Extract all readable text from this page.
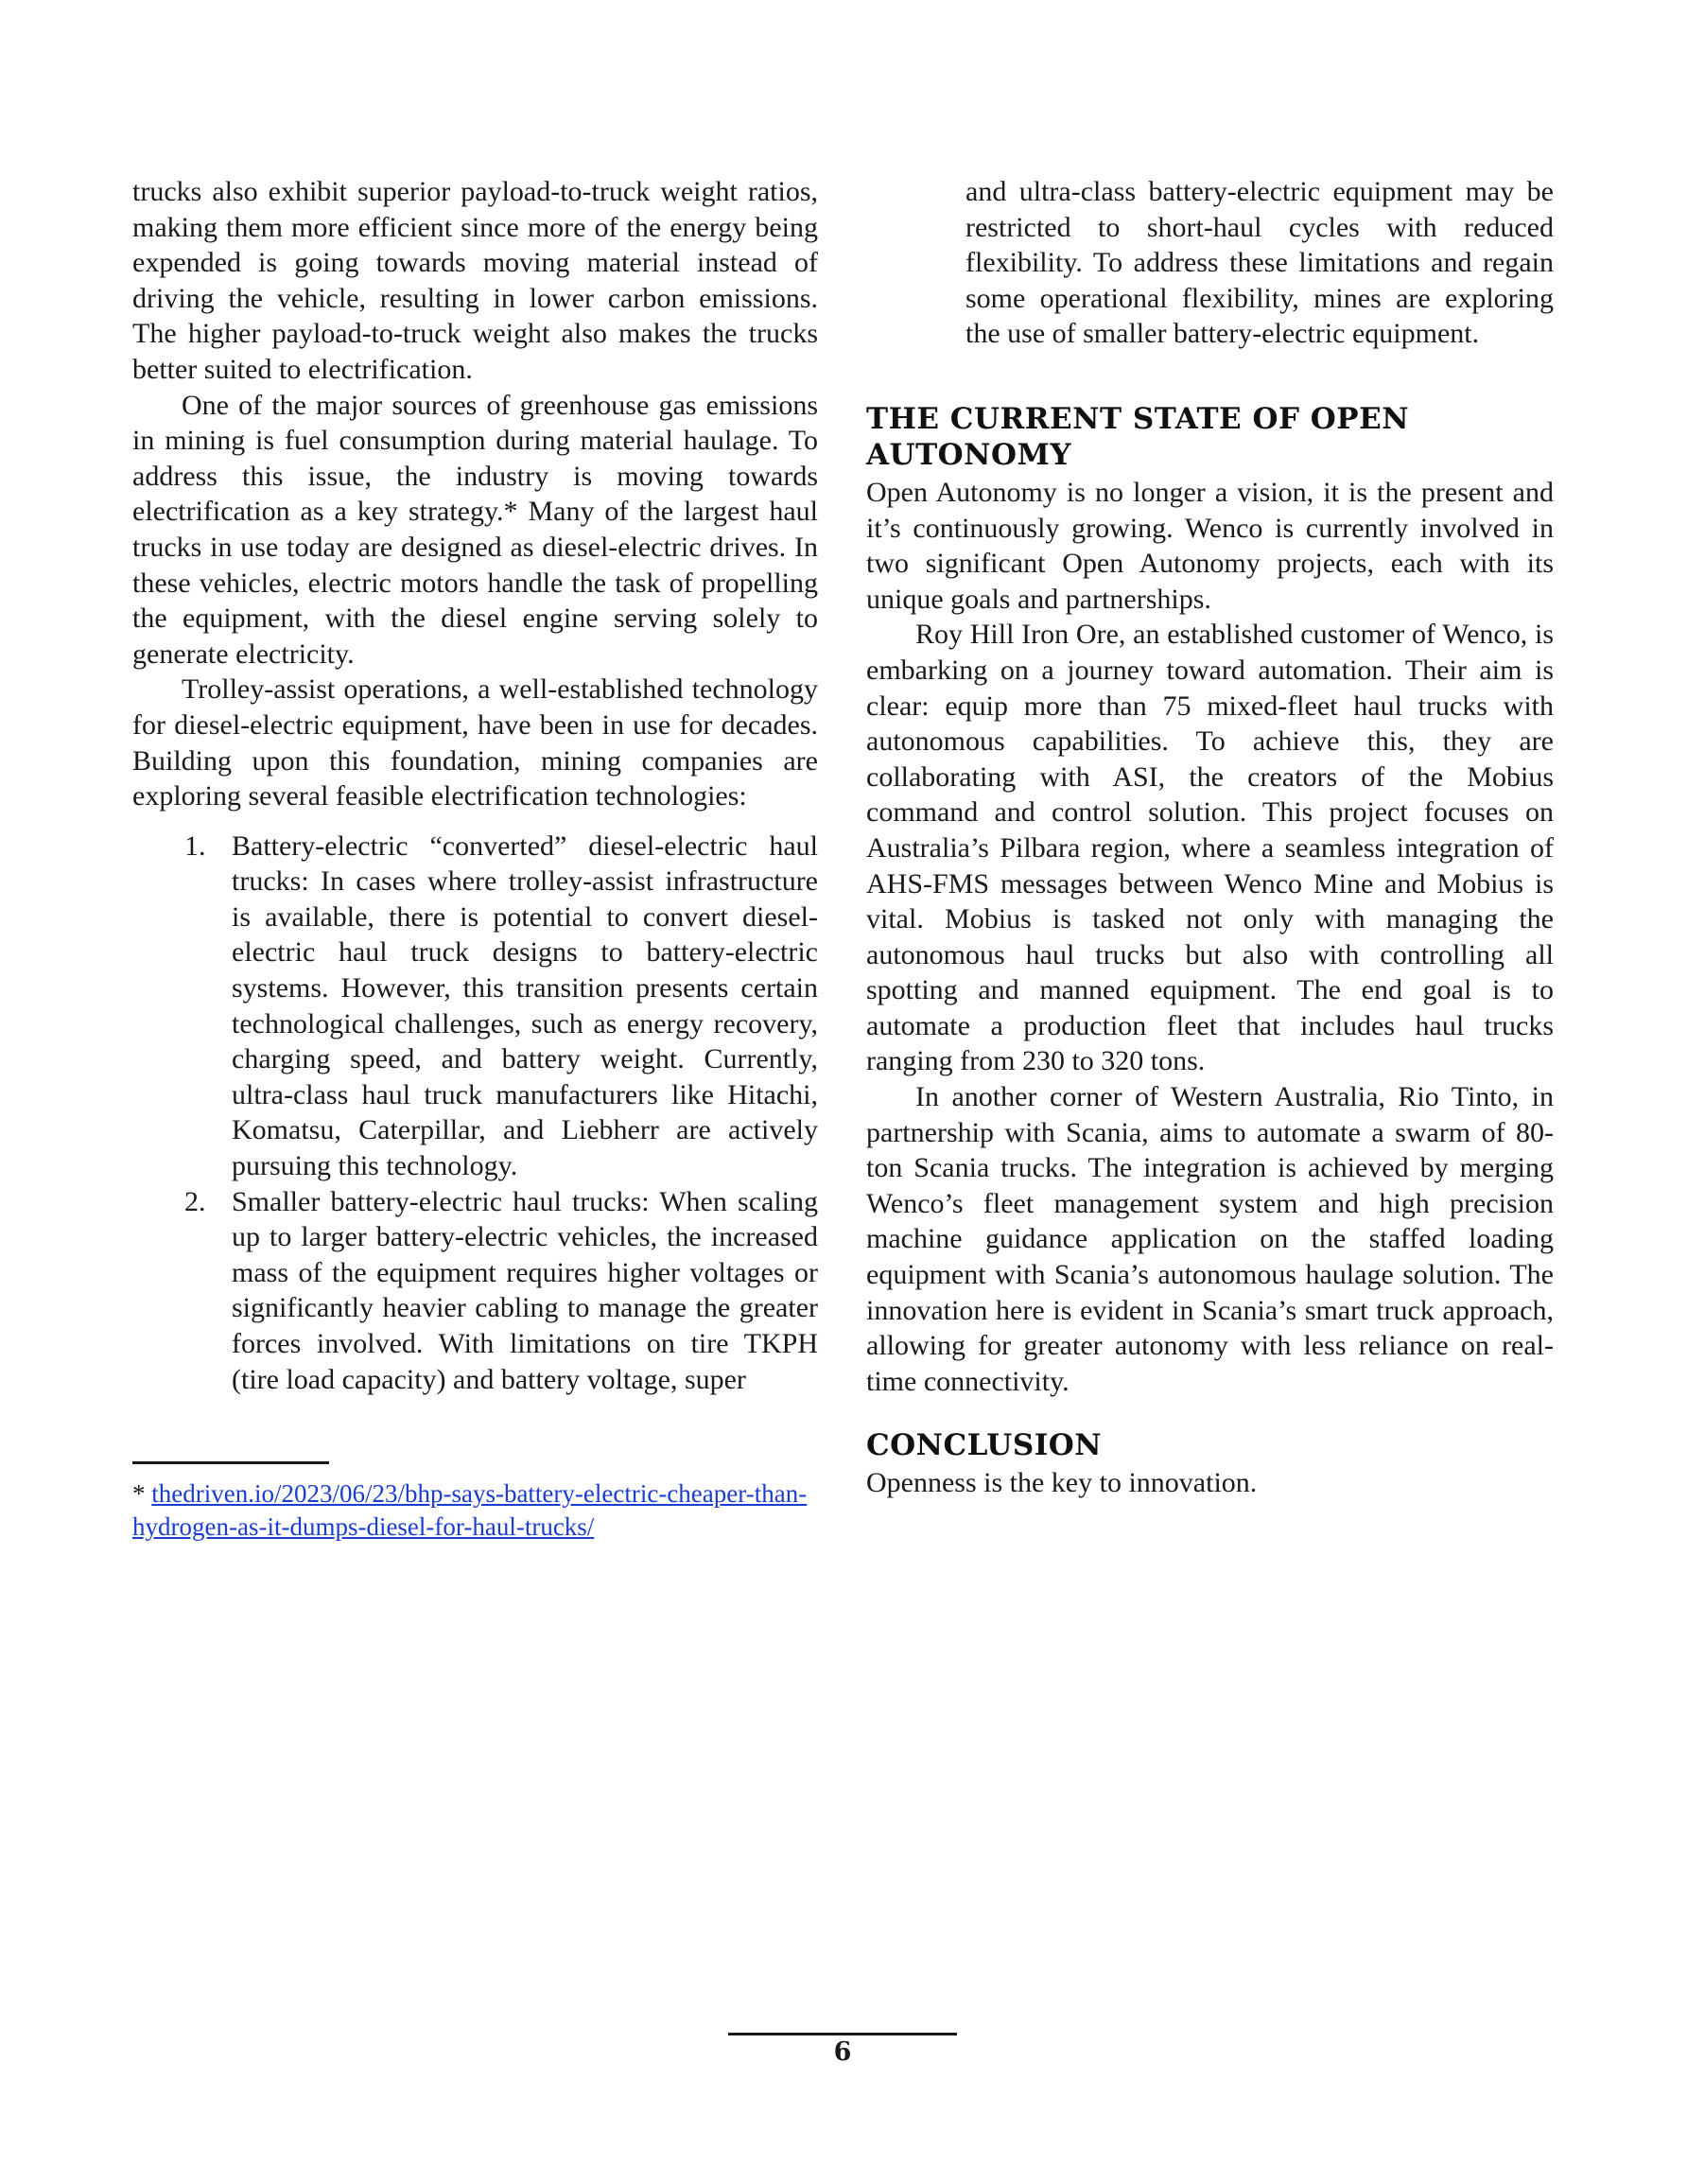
trucks also exhibit superior payload-to-truck weight ratios, making them more efficient since more of the energy being expended is going towards moving material instead of driving the vehicle, resulting in lower carbon emissions. The higher payload-to-truck weight also makes the trucks better suited to electrification.

One of the major sources of greenhouse gas emissions in mining is fuel consumption during material haulage. To address this issue, the industry is moving towards electrification as a key strategy.* Many of the largest haul trucks in use today are designed as diesel-electric drives. In these vehicles, electric motors handle the task of propelling the equipment, with the diesel engine serving solely to generate electricity.

Trolley-assist operations, a well-established technology for diesel-electric equipment, have been in use for decades. Building upon this foundation, mining companies are exploring several feasible electrification technologies:

1. Battery-electric “converted” diesel-electric haul trucks: In cases where trolley-assist infrastructure is available, there is potential to convert diesel-electric haul truck designs to battery-electric systems. However, this transition presents certain technological challenges, such as energy recovery, charging speed, and battery weight. Currently, ultra-class haul truck manufacturers like Hitachi, Komatsu, Caterpillar, and Liebherr are actively pursuing this technology.
2. Smaller battery-electric haul trucks: When scaling up to larger battery-electric vehicles, the increased mass of the equipment requires higher voltages or significantly heavier cabling to manage the greater forces involved. With limitations on tire TKPH (tire load capacity) and battery voltage, super

and ultra-class battery-electric equipment may be restricted to short-haul cycles with reduced flexibility. To address these limitations and regain some operational flexibility, mines are exploring the use of smaller battery-electric equipment.

THE CURRENT STATE OF OPEN AUTONOMY

Open Autonomy is no longer a vision, it is the present and it’s continuously growing. Wenco is currently involved in two significant Open Autonomy projects, each with its unique goals and partnerships.

Roy Hill Iron Ore, an established customer of Wenco, is embarking on a journey toward automation. Their aim is clear: equip more than 75 mixed-fleet haul trucks with autonomous capabilities. To achieve this, they are collaborating with ASI, the creators of the Mobius command and control solution. This project focuses on Australia’s Pilbara region, where a seamless integration of AHS-FMS messages between Wenco Mine and Mobius is vital. Mobius is tasked not only with managing the autonomous haul trucks but also with controlling all spotting and manned equipment. The end goal is to automate a production fleet that includes haul trucks ranging from 230 to 320 tons.

In another corner of Western Australia, Rio Tinto, in partnership with Scania, aims to automate a swarm of 80-ton Scania trucks. The integration is achieved by merging Wenco’s fleet management system and high precision machine guidance application on the staffed loading equipment with Scania’s autonomous haulage solution. The innovation here is evident in Scania’s smart truck approach, allowing for greater autonomy with less reliance on real-time connectivity.

CONCLUSION

Openness is the key to innovation.

* thedriven.io/2023/06/23/bhp-says-battery-electric-cheaper-than-hydrogen-as-it-dumps-diesel-for-haul-trucks/
6
